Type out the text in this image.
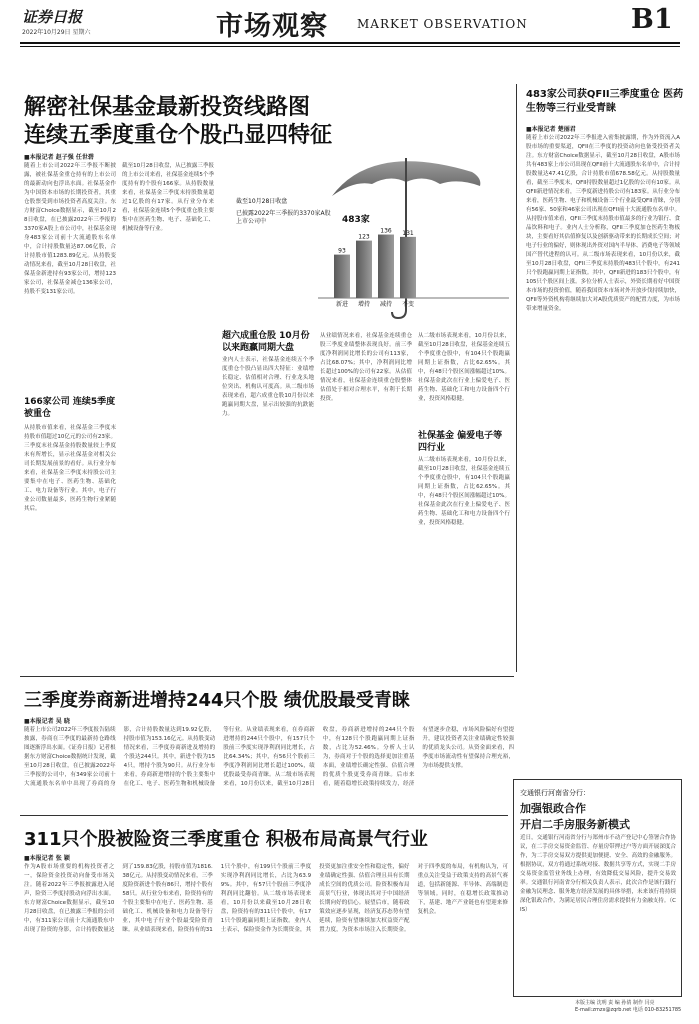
证券日报
2022年10月29日 星期六	市场观察 MARKET OBSERVATION	B1
解密社保基金最新投资线路图
连续五季度重仓个股凸显四特征
■本报记者 赵子强 任世碧
随着上市公司2022年三季报不断披露，被社保基金重仓持有的上市公司的最新动向也浮出水面。社保基金作为中国资本市场的长期投资者，其重仓股票受到市场投资者高度关注。东方财富Choice数据显示，截至10月28日收盘，在已披露2022年三季报的3370家A股上市公司中，社保基金现身483家公司前十大流通股东名单中，合计持股数量达87.06亿股，合计持股市值1283.89亿元。从持股变动情况来看，截至10月28日收盘，社保基金新进持有93家公司，增持123家公司，社保基金减仓136家公司，持股不变131家公司。
166家公司 连续5季度被重仓
从持股市值来看，社保基金三季度末持股市值超过10亿元的公司有23家。三季度末社保基金持股数量较上季度末有所增长，显示社保基金对相关公司长期发展前景的看好。从行业分布来看，社保基金三季度末持股公司主要集中在电子、医药生物、基础化工、电力设备等行业。其中，电子行业公司数量最多，医药生物行业紧随其后。
截至10月28日收盘，从已披露三季报的上市公司来看，社保基金连续5个季度持有的个股有166家。从持股数量来看，社保基金三季度末持股数量超过1亿股的有17家。从行业分布来看，社保基金连续5个季度重仓股主要集中在医药生物、电子、基础化工、机械设备等行业。
超六成重仓股 10月份以来跑赢同期大盘
业内人士表示，社保基金连续五个季度重仓个股凸显出四大特征：业绩增长稳定、估值相对合理、行业龙头地位突出、机构认可度高。从二级市场表现来看，超六成重仓股10月份以来跑赢同期大盘，显示出较强的抗跌能力。
从业绩情况来看，社保基金连续重仓股三季度业绩整体表现良好。前三季度净利润同比增长的公司有113家，占比68.07%；其中，净利润同比增长超过100%的公司有22家。从估值情况来看，社保基金连续重仓股整体估值处于相对合理水平，有利于长期投资。
从二级市场表现来看，10月份以来，截至10月28日收盘，社保基金连续五个季度重仓股中，有104只个股跑赢同期上证指数，占比62.65%。其中，有48只个股区间涨幅超过10%。社保基金此次在行业上偏爱电子、医药生物、基础化工和电力设备四个行业，投资风格稳健。
社保基金 偏爱电子等四行业
从二级市场表现来看，10月份以来，截至10月28日收盘，社保基金连续五个季度重仓股中，有104只个股跑赢同期上证指数，占比62.65%。其中，有48只个股区间涨幅超过10%。社保基金此次在行业上偏爱电子、医药生物、基础化工和电力设备四个行业，投资风格稳健。
93
新进
123
增持
136
减持
131
不变
483家
截至10月28日收盘
已披露2022年三季报的3370家A股上市公司中
483家公司获QFII三季度重仓 医药生物等三行业受青睐
■本报记者 楚丽君
随着上市公司2022年三季报进入密集披露期，作为外资流入A股市场的重要渠道，QFII在三季度的投资动向也备受投资者关注。东方财富Choice数据显示，截至10月28日收盘，A股市场共有483家上市公司出现在QFII前十大流通股东名单中，合计持股数量达47.41亿股，合计持股市值678.58亿元。从持股数量看，截至三季度末，QFII持股数量超过1亿股的公司有10家。从QFII新进情况来看，三季度新进持股公司有183家。从行业分布来看，医药生物、电子和机械设备三个行业最受QFII青睐，分别有56家、50家和46家公司出现在QFII前十大流通股东名单中。从持股市值来看，QFII三季度末持股市值最多的行业为银行、食品饮料和电子。业内人士分析称，QFII三季度加仓医药生物板块，主要看好其估值修复以及创新驱动带来的长期成长空间；对电子行业的偏好，则体现出外资对国内半导体、消费电子等领域国产替代进程的认可。从二级市场表现来看，10月份以来，截至10月28日收盘，QFII三季度末持股的483只个股中，有241只个股跑赢同期上证指数。其中，QFII新进的183只个股中，有105只个股区间上涨。多位分析人士表示，外资长期看好中国资本市场的投资价值，随着我国资本市场对外开放步伐持续加快，QFII等外资机构将继续加大对A股优质资产的配置力度，为市场带来增量资金。
三季度券商新进增持244只个股 绩优股最受青睐
■本报记者 吴 晓
随着上市公司2022年三季度报告陆续披露，券商在三季度的最新持仓路线图逐渐浮出水面。《证券日报》记者根据东方财富Choice数据统计发现，截至10月28日收盘，在已披露2022年三季报的公司中，有349家公司前十大流通股东名单中出现了券商的身影，合计持股数量达到19.92亿股，持股市值为153.16亿元。从持股变动情况来看，三季度券商新进及增持的个股达244只。其中，新进个股为154只，增持个股为90只。从行业分布来看，券商新进增持的个股主要集中在化工、电子、医药生物和机械设备等行业。从业绩表现来看，在券商新进增持的244只个股中，有157只个股前三季度实现净利润同比增长，占比64.34%；其中，有56只个股前三季度净利润同比增长超过100%，绩优股最受券商青睐。从二级市场表现来看，10月份以来，截至10月28日收盘，券商新进增持的244只个股中，有128只个股跑赢同期上证指数，占比为52.46%。分析人士认为，券商对于个股的选择更加注重基本面，业绩增长确定性强、估值合理的优质个股更受券商青睐。后市来看，随着稳增长政策持续发力，经济有望逐步企稳，市场风险偏好有望提升，建议投资者关注业绩确定性较强的优质龙头公司。从资金面来看，四季度市场流动性有望保持合理充裕，为市场提供支撑。
311只个股被险资三季度重仓 积极布局高景气行业
■本报记者 张 颖
作为A股市场重要的机构投资者之一，保险资金投资动向备受市场关注。随着2022年三季报披露进入尾声，险资三季度持股动向浮出水面。东方财富Choice数据显示，截至10月28日收盘，在已披露三季报的公司中，有311家公司前十大流通股东中出现了险资的身影，合计持股数量达到了159.83亿股，持股市值为1816.38亿元。从持股变动情况来看，三季度险资新进个股有86只，增持个股有58只。从行业分布来看，险资持有的个股主要集中在电子、医药生物、基础化工、机械设备和电力设备等行业，其中电子行业个股最受险资青睐。从业绩表现来看，险资持有的311只个股中，有199只个股前三季度实现净利润同比增长，占比为63.99%。其中，有57只个股前三季度净利润同比翻倍。从二级市场表现来看，10月份以来截至10月28日收盘，险资持有的311只个股中，有171只个股跑赢同期上证指数。业内人士表示，保险资金作为长期资金，其投资更加注重安全性和稳定性，偏好业绩确定性强、估值合理且具有长期成长空间的优质公司。险资积极布局高景气行业，体现出其对于中国经济长期向好的信心。展望后市，随着政策效应逐步显现，经济复苏态势有望延续，险资有望继续加大权益资产配置力度，为资本市场注入长期资金。对于四季度的布局，有机构认为，可重点关注受益于政策支持的高景气赛道，包括新能源、半导体、高端制造等领域。同时，在稳增长政策推动下，基建、地产产业链也有望迎来修复机会。
交通银行河南省分行：
加强银政合作
开启二手房服务新模式
近日，交通银行河南省分行与郑州市不动产登记中心签署合作协议，在二手房交易资金监管、存量房带押过户等方面开展深度合作，为二手房交易双方提供更加便捷、安全、高效的金融服务。根据协议，双方将通过系统对接、数据共享等方式，实现二手房交易资金监管业务线上办理，有效降低交易风险，提升交易效率。交通银行河南省分行相关负责人表示，此次合作是该行践行金融为民理念、服务地方经济发展的具体举措，未来该行将持续深化银政合作，为满足居民合理住房需求提供有力金融支持。（CIS）
本版主编 沈明 责 编 孙倩 制作 闫亮
E-mail:zmzx@zqrb.net 电话 010-83251785
